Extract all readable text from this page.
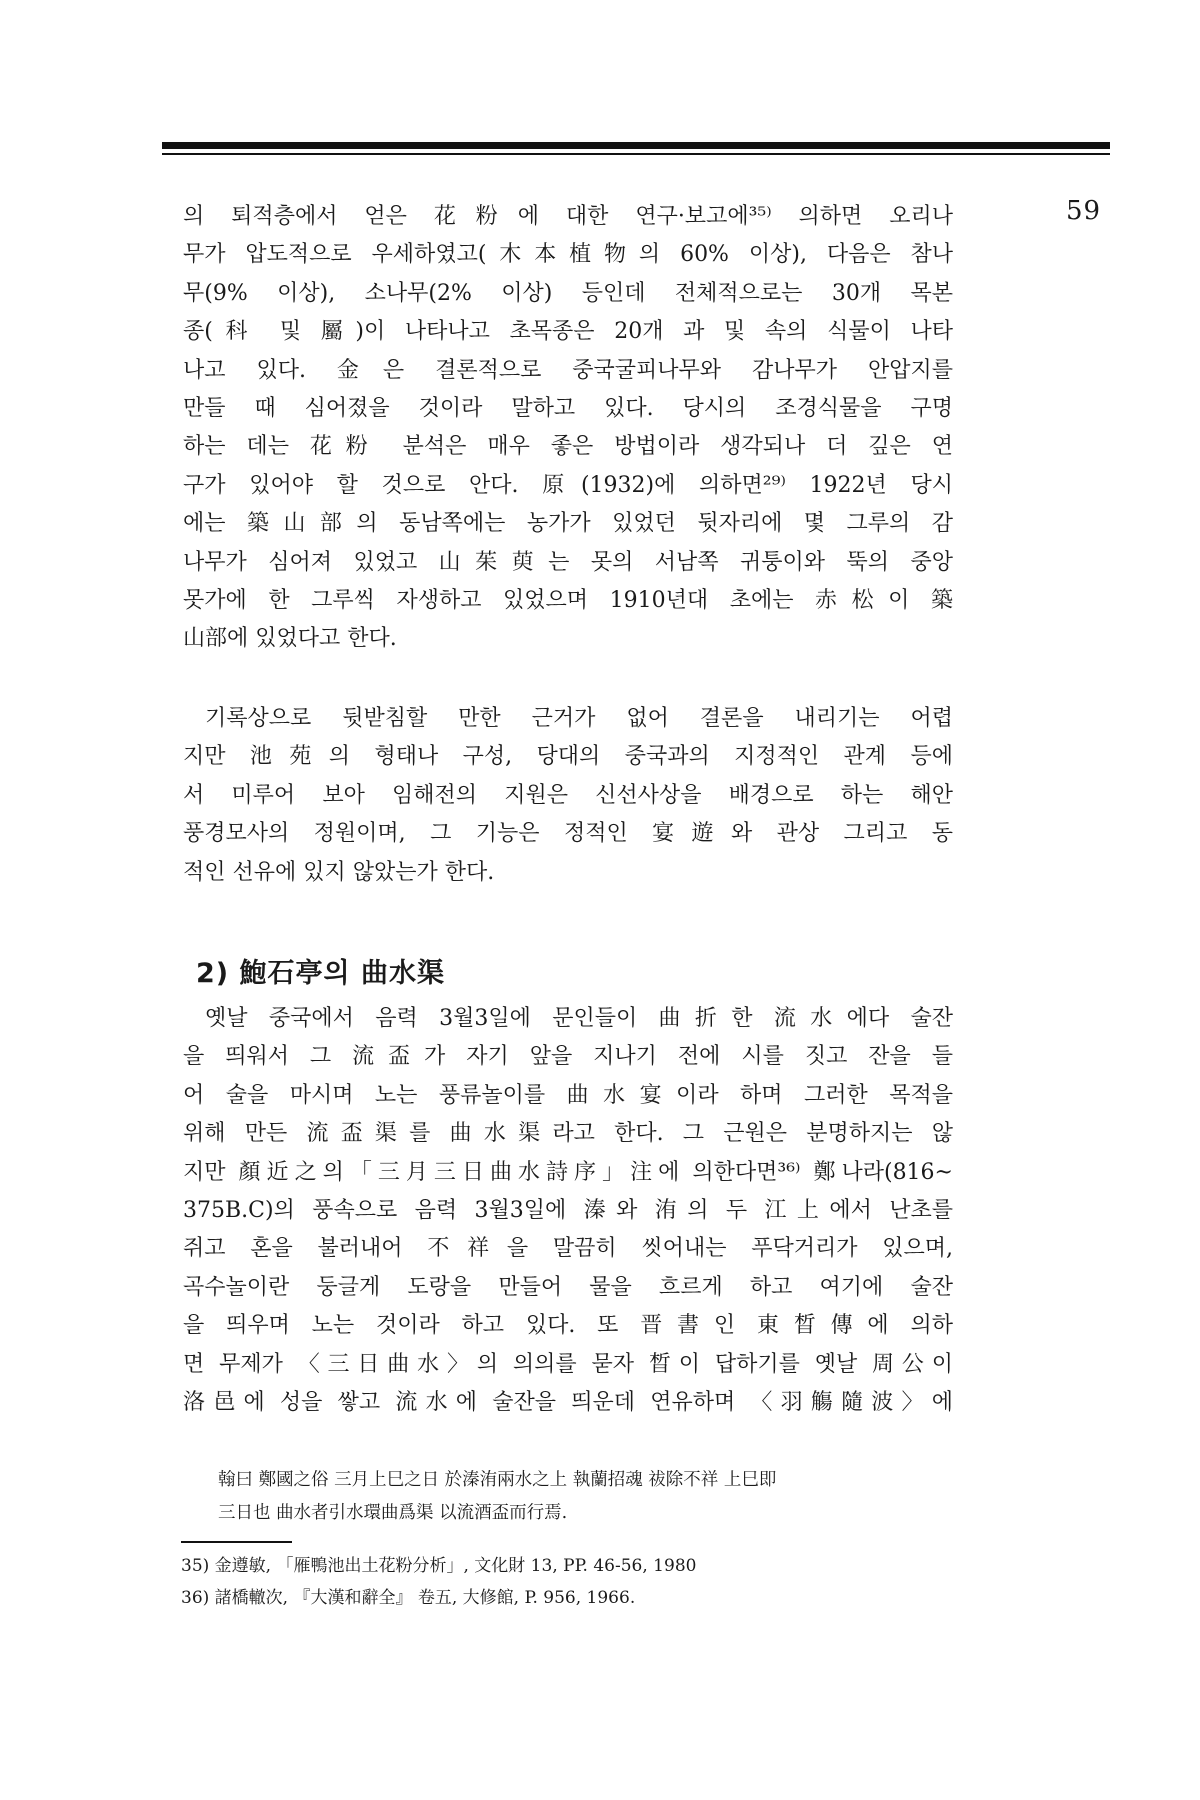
59
의 퇴적층에서 얻은 花粉에 대한 연구·보고에³⁵⁾ 의하면 오리나
무가 압도적으로 우세하였고(木本植物의 60% 이상), 다음은 참나
무(9% 이상), 소나무(2% 이상) 등인데 전체적으로는 30개 목본
종(科 및 屬)이 나타나고 초목종은 20개 과 및 속의 식물이 나타
나고 있다. 金은 결론적으로 중국굴피나무와 감나무가 안압지를
만들 때 심어졌을 것이라 말하고 있다. 당시의 조경식물을 구명
하는 데는 花粉 분석은 매우 좋은 방법이라 생각되나 더 깊은 연
구가 있어야 할 것으로 안다. 原(1932)에 의하면²⁹⁾ 1922년 당시
에는 築山部의 동남쪽에는 농가가 있었던 뒷자리에 몇 그루의 감
나무가 심어져 있었고 山茱萸는 못의 서남쪽 귀퉁이와 뚝의 중앙
못가에 한 그루씩 자생하고 있었으며 1910년대 초에는 赤松이 築
山部에 있었다고 한다.
기록상으로 뒷받침할 만한 근거가 없어 결론을 내리기는 어렵
지만 池苑의 형태나 구성, 당대의 중국과의 지정적인 관계 등에
서 미루어 보아 임해전의 지원은 신선사상을 배경으로 하는 해안
풍경모사의 정원이며, 그 기능은 정적인 宴遊와 관상 그리고 동
적인 선유에 있지 않았는가 한다.
2) 鮑石亭의 曲水渠
옛날 중국에서 음력 3월3일에 문인들이 曲折한 流水에다 술잔
을 띄워서 그 流盃가 자기 앞을 지나기 전에 시를 짓고 잔을 들
어 술을 마시며 노는 풍류놀이를 曲水宴이라 하며 그러한 목적을
위해 만든 流盃渠를 曲水渠라고 한다. 그 근원은 분명하지는 않
지만 顏近之의「三月三日曲水詩序」注에 의한다면³⁶⁾ 鄭나라(816~
375B.C)의 풍속으로 음력 3월3일에 溱와 洧의 두 江上에서 난초를
쥐고 혼을 불러내어 不祥을 말끔히 씻어내는 푸닥거리가 있으며,
곡수놀이란 둥글게 도랑을 만들어 물을 흐르게 하고 여기에 술잔
을 띄우며 노는 것이라 하고 있다. 또 晋書인 東晳傳에 의하
면 무제가 〈三日曲水〉의 의의를 묻자 晳이 답하기를 옛날 周公이
洛邑에 성을 쌓고 流水에 술잔을 띄운데 연유하며 〈羽觴隨波〉에
翰曰 鄭國之俗 三月上巳之日 於溱洧兩水之上 執蘭招魂 祓除不祥 上巳即
三日也 曲水者引水環曲爲渠 以流酒盃而行焉.
35) 金遵敏, 「雁鴨池出土花粉分析」, 文化財 13, PP. 46-56, 1980
36) 諸橋轍次, 『大漢和辭全』 卷五, 大修館, P. 956, 1966.
